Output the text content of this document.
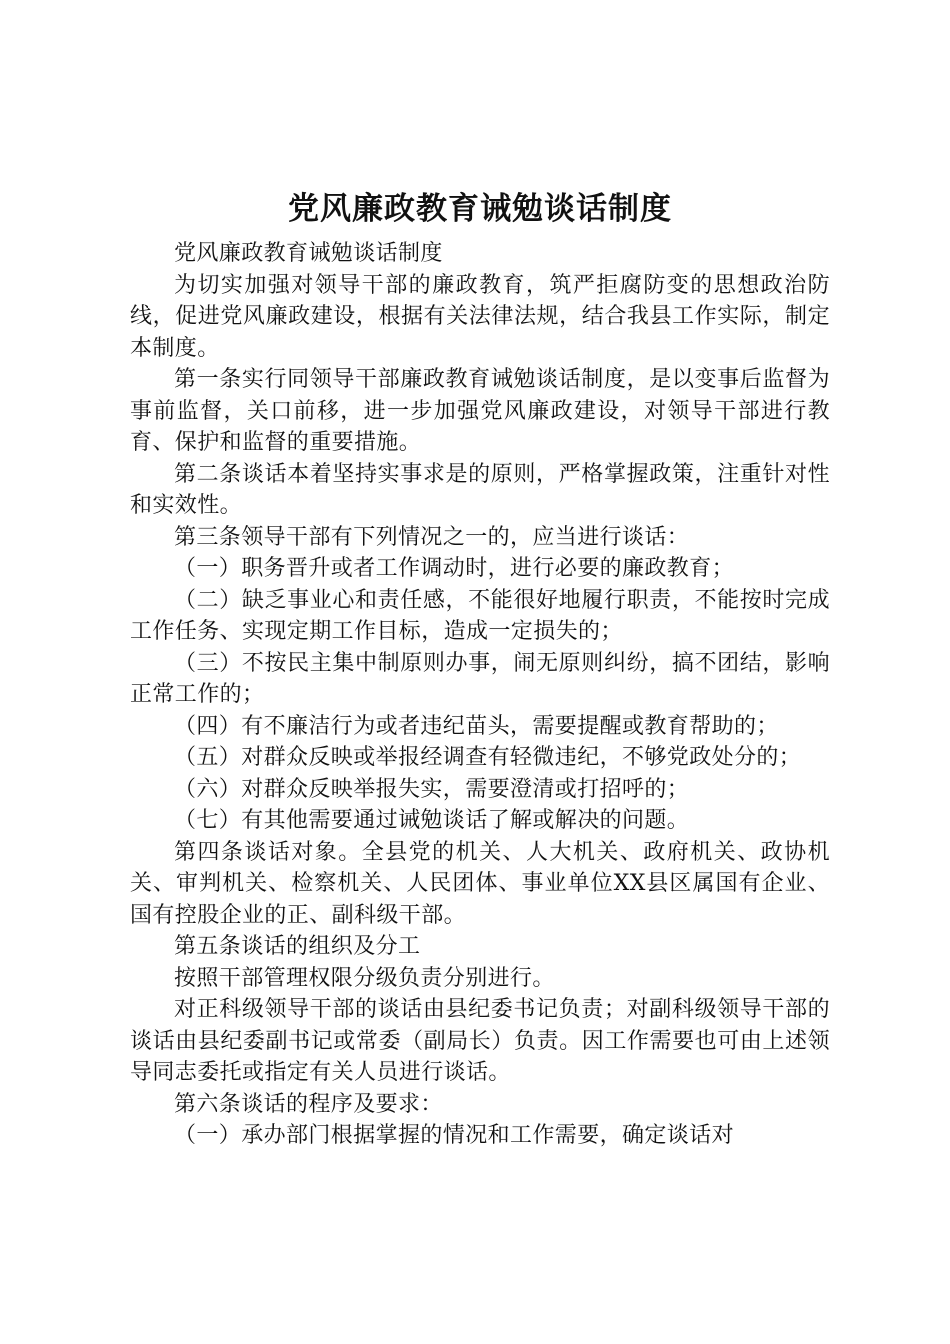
党风廉政教育诫勉谈话制度

党风廉政教育诫勉谈话制度

为切实加强对领导干部的廉政教育，筑严拒腐防变的思想政治防线，促进党风廉政建设，根据有关法律法规，结合我县工作实际，制定本制度。

第一条实行同领导干部廉政教育诫勉谈话制度，是以变事后监督为事前监督，关口前移，进一步加强党风廉政建设，对领导干部进行教育、保护和监督的重要措施。

第二条谈话本着坚持实事求是的原则，严格掌握政策，注重针对性和实效性。

第三条领导干部有下列情况之一的，应当进行谈话：

（一）职务晋升或者工作调动时，进行必要的廉政教育；

（二）缺乏事业心和责任感，不能很好地履行职责，不能按时完成工作任务、实现定期工作目标，造成一定损失的；

（三）不按民主集中制原则办事，闹无原则纠纷，搞不团结，影响正常工作的；

（四）有不廉洁行为或者违纪苗头，需要提醒或教育帮助的；

（五）对群众反映或举报经调查有轻微违纪，不够党政处分的；

（六）对群众反映举报失实，需要澄清或打招呼的；

（七）有其他需要通过诫勉谈话了解或解决的问题。

第四条谈话对象。全县党的机关、人大机关、政府机关、政协机关、审判机关、检察机关、人民团体、事业单位XX县区属国有企业、国有控股企业的正、副科级干部。

第五条谈话的组织及分工

按照干部管理权限分级负责分别进行。

对正科级领导干部的谈话由县纪委书记负责；对副科级领导干部的谈话由县纪委副书记或常委（副局长）负责。因工作需要也可由上述领导同志委托或指定有关人员进行谈话。

第六条谈话的程序及要求：

（一）承办部门根据掌握的情况和工作需要，确定谈话对
